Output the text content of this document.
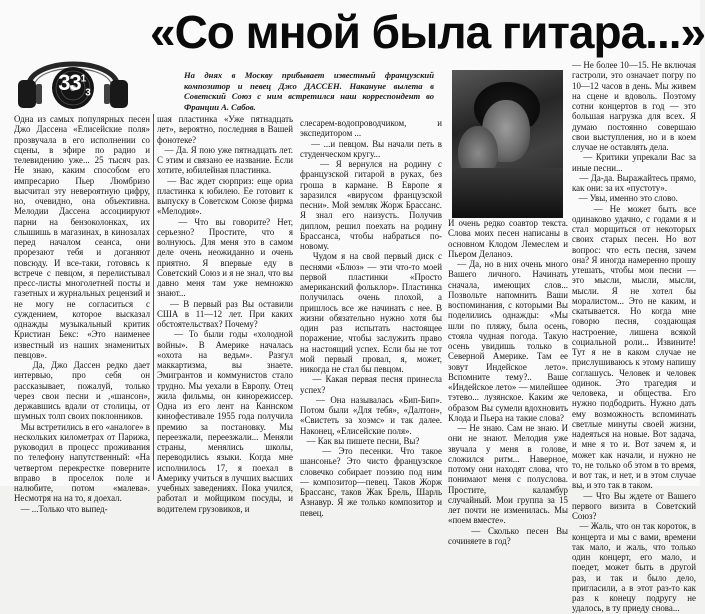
$33^1_3$
«Со мной была гитара...»
На днях в Москву прибывает известный французский композитор и певец Джо ДАССЕН. Накануне вылета в Советский Союз с ним встретился наш корреспондент во Франции А. Сабов.

Одна из самых популярных песен Джо Дассена «Елисейские поля» прозвучала в его исполнении со сцены, в эфире по радио и телевидению уже... 25 тысяч раз. Не знаю, каким способом его импресарио Пьер Люмбризо высчитал эту невероятную цифру, но, очевидно, она объективна. Мелодии Дассена ассоциируют парни на бензоколонках, их слышишь в магазинах, в кинозалах перед началом сеанса, они прорезают тебя и доганяют повсюду. И все-таки, готовясь к встрече с певцом, я перелистывал пресс-листы многолетней посты и газетных и журнальных рецензий и не могу не согласиться с суждением, которое высказал однажды музыкальный критик Кристиан Бекс: «Это наименее известный из наших знаменитых певцов».
Да, Джо Дассен редко дает интервью, про себя он рассказывает, пожалуй, только через свои песни и ,«шансон», державшись вдали от столицы, от шумных толп своих поклонников.
Мы встретились в его «аналоге» в нескольких километрах от Парижа, руководил в процесс проживания по телефону напутственный: «На четвертом перекрестке поверните вправо в проселок поле и налюбите, потом «малева». Несмотря на на то, я доехал.
— ...Только что выпед-

шая пластинка «Уже пятнадцать лет», вероятно, последняя в Вашей фонотеке?
— Да. Я пою уже пятнадцать лет. С этим и связано ее название. Если хотите, юбилейная пластинка.
— Вас ждет сюрприз: еще ориа пластинка к юбилею. Ее готовит к выпуску в Советском Союзе фирма «Мелодия».
— Что вы говорите? Нет, серьезно? Простите, что я волнуюсь. Для меня это в самом деле очень неожиданно и очень приятно. Я впервые еду в Советский Союз и я не знал, что вы давно меня там уже немножко знают...
— В первый раз Вы оставили США в 11—12 лет. При каких обстоятельствах? Почему?
— То были годы «холодной войны». В Америке началась «охота на ведьм». Разгул маккартизма, вы знаете. Эмигрантов и коммунистов стало трудно. Мы уехали в Европу. Отец жила фильмы, он кинорежиссер. Одна из его лент на Каннском кинофестивале 1955 года получила премию за постановку. Мы переезжали, переезжали... Меняли страны, менялись школы, переводились языки. Когда мне исполнилось 17, я поехал в Америку учиться в лучших высших учебных заведениях. Пока учился, работал и мойщиком посуды, и водителем грузовиков, и

слесарем-водопроводчиком, и экспедитором ...
— ...и певцом. Вы начали петь в студенческом кругу...
— Я вернулся на родину с французской гитарой в руках, без гроша в кармане. В Европе я заразился «вирусом французской песни». Мой земляк Жорж Брассанс. Я знал его наизусть. Получив диплом, решил поехать на родину Брассанса, чтобы набраться по-новому.
Чудом я на свой первый диск с песнями «Блюз» — эти что-то моей первой пластинки «Просто американский фольклор». Пластинка получилась очень плохой, а пришлось все же начинать с нее. В жизни обязательно нужно хотя бы один раз испытать настоящее поражение, чтобы заслужить право на настоящий успех. Если бы не тот мой первый провал, я, может, никогда не стал бы певцом.
— Какая первая песня принесла успех?
— Она называлась «Бип-Бип». Потом были «Для тебя», «Далтон», «Свистеть за хоэмс» и так далее. Наконец, «Елисейские поля».
— Как вы пишете песни, Вы?
— Это песенки. Что такое шансонье? Это чисто французское словечко собирает поэзию под ним — композитор—певец. Таков Жорж Брассанс, таков Жак Брель, Шарль Азнавур. Я же только композитор и певец.

И очень редко соавтор текста. Слова моих песен написаны в основном Клодом Лемеслем и Пьером Деланоэ.
— Да, но в них очень много Вашего личного. Начинать сначала, имеющих слов... Позвольте напомнить Ваши воспоминания, с которыми Вы поделились однажды: «Мы шли по пляжу, была осень, стояла чудная погода. Такую осень увидишь только в Северной Америке. Там ее зовут Индейское лето». Вспомните тему?.. Ваше «Индейское лето» — милейшее тэтево... лузянское. Каким же образом Вы сумели вдохновить Клода и Пьера на такие слова?
— Не знаю. Сам не знаю. И они не знают. Мелодия уже звучала у меня в голове, сложился ритм... Наверное, потому они находят слова, что понимают меня с полуслова. Простите, каламбур случайный. Мои группа за 15 лет почти не изменилась. Мы «поем вместе».
— Сколько песен Вы сочиняете в год?

— Не более 10—15. Не включая гастроли, это означает погру по 10—12 часов в день. Мы живем на сцене и вдоволь. Поэтому сотни концертов в год — это большая нагрузка для всех. Я думаю постоянно совершаю свои выступления, но и в коем случае не оставлять дела.
— Критики упрекали Вас за иные песни...
— Да-да. Выражайтесь прямо, как они: за их «пустоту».
— Увы, именно это слово.
— Не может быть все одинаково удачно, с годами я и стал морщиться от некоторых своих старых песен. Но вот вопрос: что есть песня, зачем она? Я иногда намеренно прошу утешать, чтобы мои песни — это мысли, мысли, мысли, мысли. Я не хотел бы моралистом... Это не каким, и скатывается. Но когда мне говорю песня, создающая настроение, лишена всякой социальной роли... Извините! Тут я не в каком случае не прислушиваюсь к этому напишу соглашусь. Человек и человек одинок. Это трагедия и человека, и общества. Его нужно подбодрить. Нужно дать ему возможность вспоминать светлые минуты своей жизни, надеяться на новые. Вот задача, и мне я то и. Вот зачем я, и может как начали, и нужно не то, не только об этом в то время, и вот так, и нет, и в этом случае вы, и это так в таком.
— Что Вы ждете от Вашего первого визита в Советский Союз?
— Жаль, что он так короток, в концерта и мы с вами, времени так мало, и жаль, что только один концерт, его мало, и поедет, может быть в другой раз, и так и было дело, пригласили, а в этот раз-то как раз к конецу подругу не удалось, в ту приеду снова...
